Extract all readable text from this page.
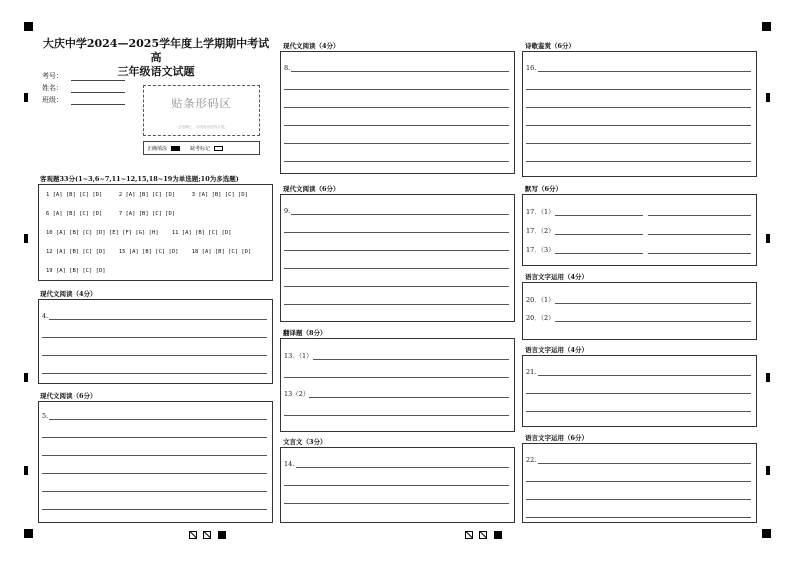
大庆中学2024—2025学年度上学期期中考试 高
三年级语文试题
考号：
姓名：
班级：	贴条形码区
（正面朝上，切勿贴出虚线方框）
正确填涂	缺考标记
客观题33分(1~3,6~7,11~12,15,18~19为单选题;10为多选题)
1 [A] [B] [C] [D]     2 [A] [B] [C] [D]     3 [A] [B] [C] [D]
6 [A] [B] [C] [D]     7 [A] [B] [C] [D]
10 [A] [B] [C] [D] [E] [F] [G] [H]    11 [A] [B] [C] [D]
12 [A] [B] [C] [D]    15 [A] [B] [C] [D]    18 [A] [B] [C] [D]
19 [A] [B] [C] [D]
现代文阅读（4分）
4.
现代文阅读（6分）
5.
现代文阅读（4分）
8.
现代文阅读（6分）
9.
翻译题（8分）
13．（1）
13（2）
文言文（3分）
14.
诗歌鉴赏（6分）
16.
默写（6分）
17．（1）
17．（2）
17．（3）
语言文字运用（4分）
20．（1）
20．（2）
语言文字运用（4分）
21.
语言文字运用（6分）
22.
